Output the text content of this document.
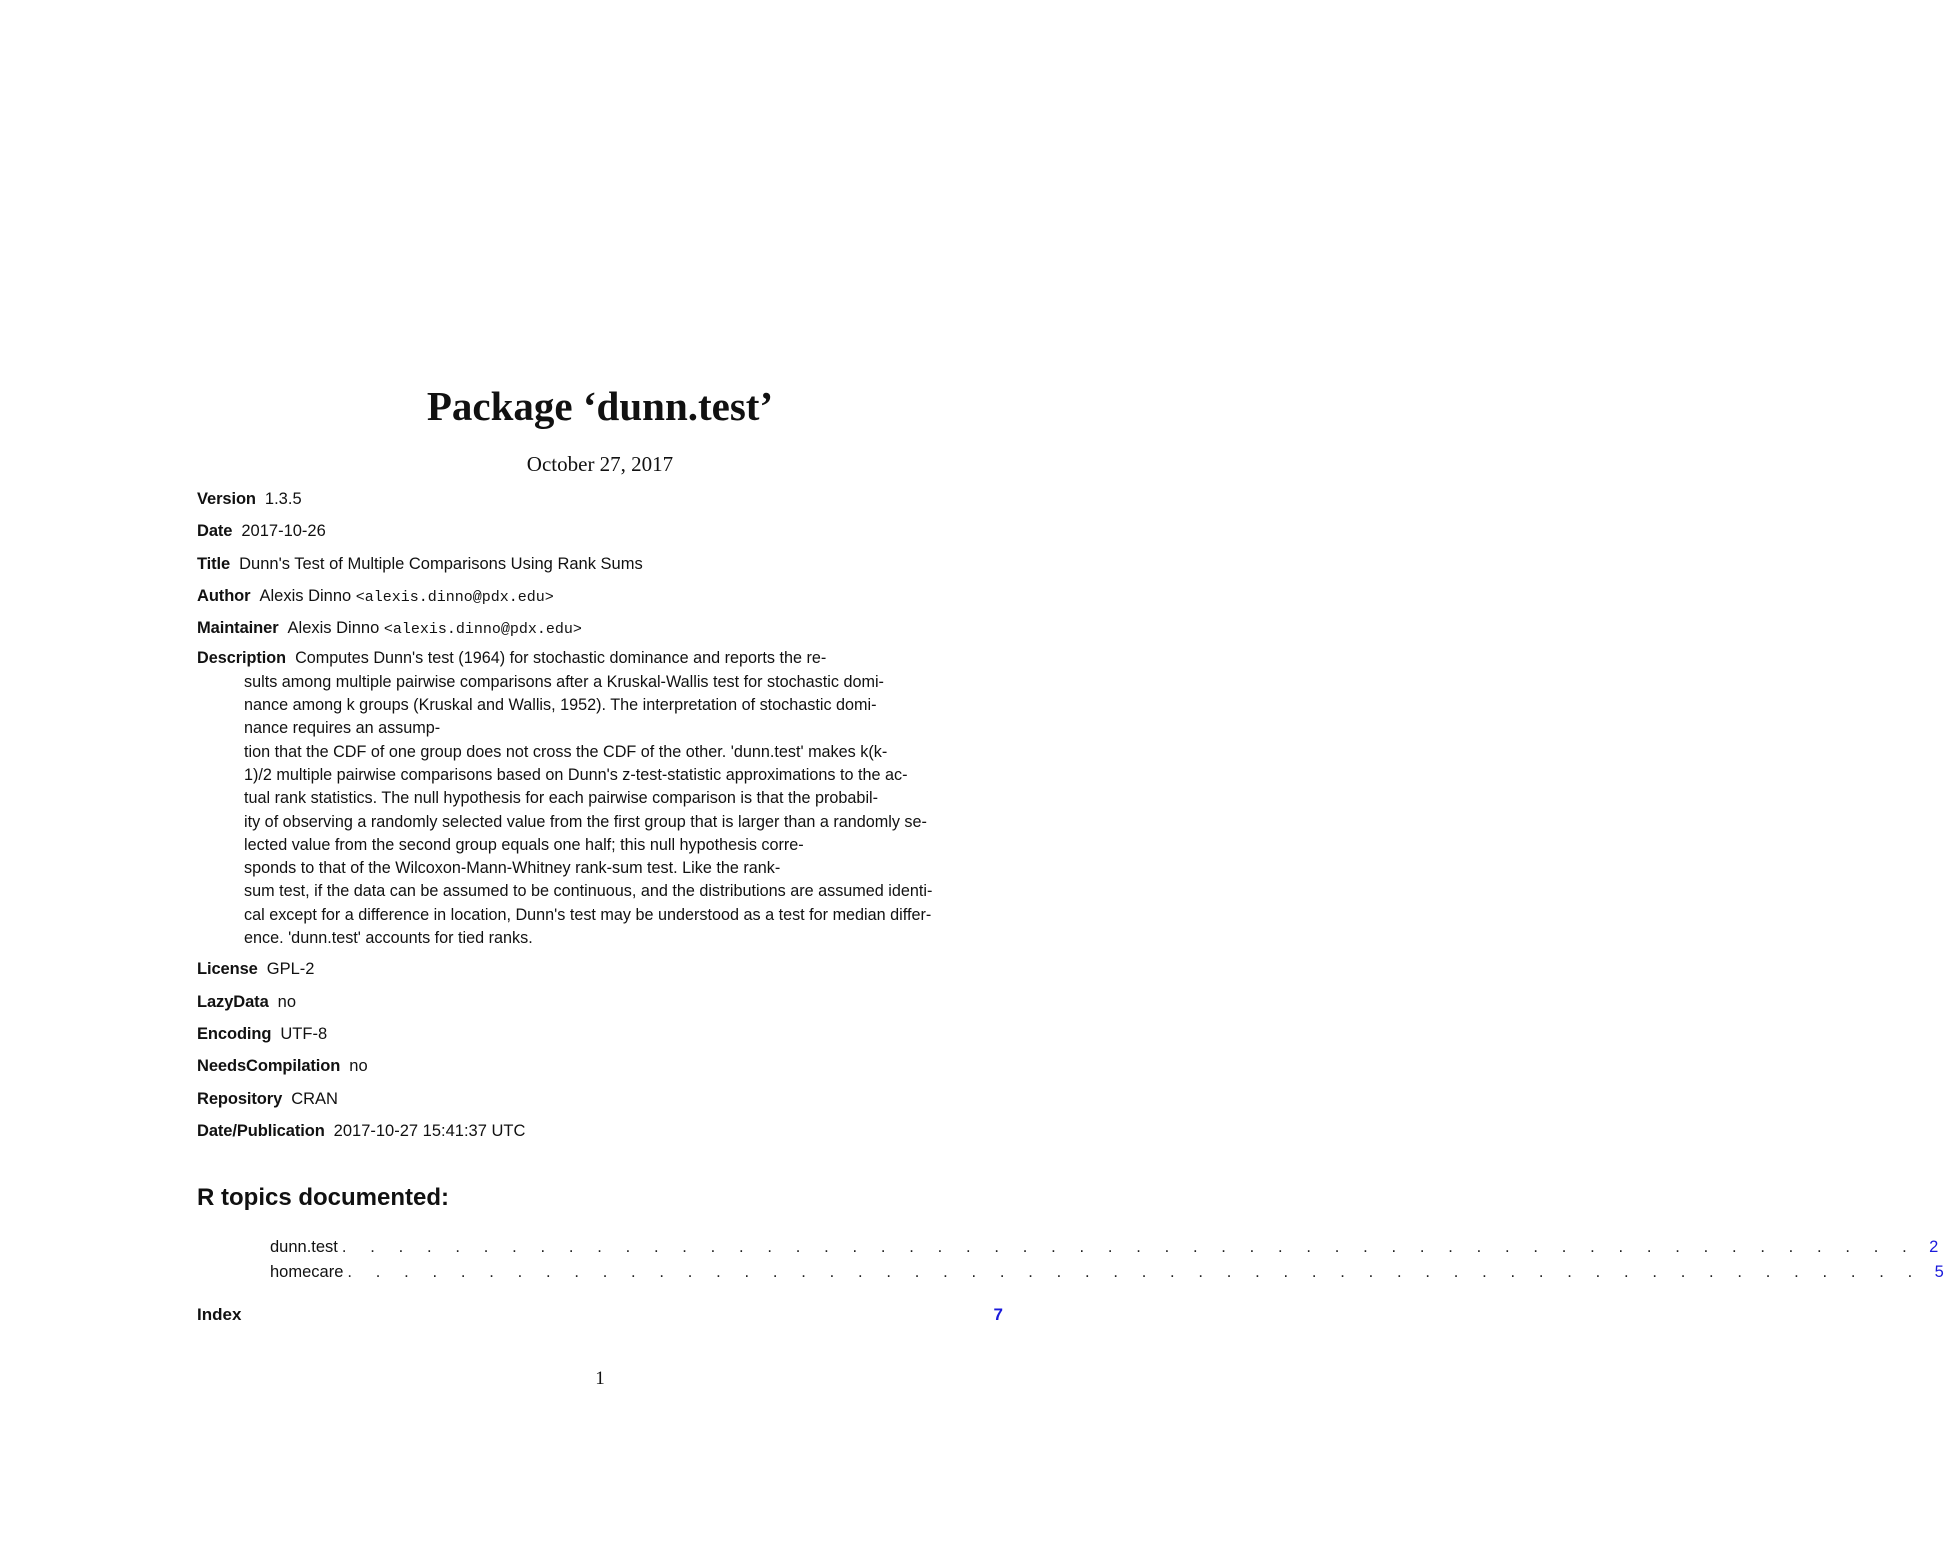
Package ‘dunn.test’
October 27, 2017
Version 1.3.5
Date 2017-10-26
Title Dunn's Test of Multiple Comparisons Using Rank Sums
Author Alexis Dinno
<alexis.dinno@pdx.edu>
Maintainer Alexis Dinno
<alexis.dinno@pdx.edu>
Description Computes Dunn's test (1964) for stochastic dominance and reports the re-
sults among multiple pairwise comparisons after a Kruskal-Wallis test for stochastic domi-
nance among k groups (Kruskal and Wallis, 1952). The interpretation of stochastic domi-
nance requires an assump-
tion that the CDF of one group does not cross the CDF of the other. 'dunn.test' makes k(k-
1)/2 multiple pairwise comparisons based on Dunn's z-test-statistic approximations to the ac-
tual rank statistics. The null hypothesis for each pairwise comparison is that the probabil-
ity of observing a randomly selected value from the first group that is larger than a randomly se-
lected value from the second group equals one half; this null hypothesis corre-
sponds to that of the Wilcoxon-Mann-Whitney rank-sum test. Like the rank-
sum test, if the data can be assumed to be continuous, and the distributions are assumed identi-
cal except for a difference in location, Dunn's test may be understood as a test for median differ-
ence. 'dunn.test' accounts for tied ranks.
License GPL-2
LazyData no
Encoding UTF-8
NeedsCompilation no
Repository CRAN
Date/Publication 2017-10-27 15:41:37 UTC
R topics documented:
dunn.test . . . . . . . . . . . . . . . . . . . . . . . . . . . . . . . . . . . . . . . . . . . . . . . . . . . . . . . . 2
homecare . . . . . . . . . . . . . . . . . . . . . . . . . . . . . . . . . . . . . . . . . . . . . . . . . . . . . . . . 5
Index	7
1
